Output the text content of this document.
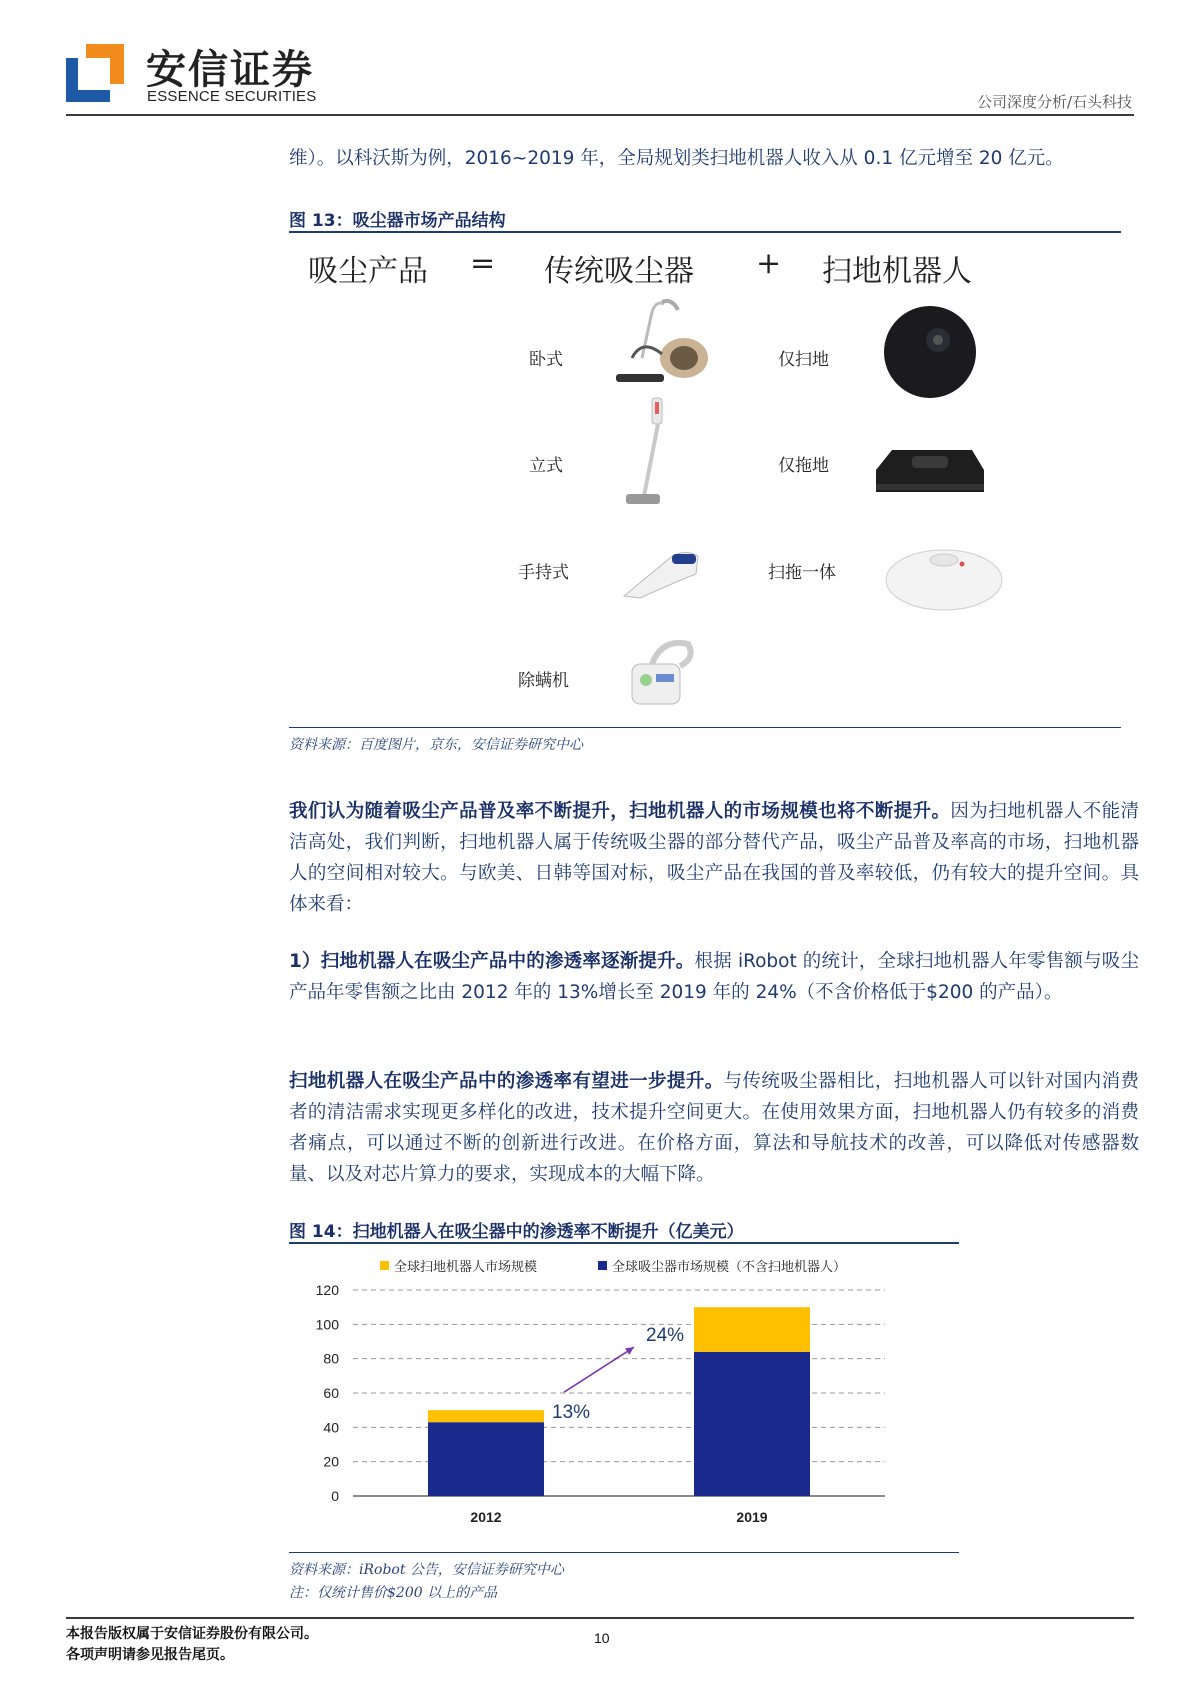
安信证券
ESSENCE SECURITIES	公司深度分析/石头科技

维）。以科沃斯为例，2016~2019 年，全局规划类扫地机器人收入从 0.1 亿元增至 20 亿元。

图 13：吸尘器市场产品结构
吸尘产品 = 传统吸尘器 + 扫地机器人
卧式
立式
手持式
除螨机
仅扫地
仅拖地
扫拖一体
资料来源：百度图片，京东，安信证券研究中心

我们认为随着吸尘产品普及率不断提升，扫地机器人的市场规模也将不断提升。因为扫地机器人不能清洁高处，我们判断，扫地机器人属于传统吸尘器的部分替代产品，吸尘产品普及率高的市场，扫地机器人的空间相对较大。与欧美、日韩等国对标，吸尘产品在我国的普及率较低，仍有较大的提升空间。具体来看：

1）扫地机器人在吸尘产品中的渗透率逐渐提升。根据 iRobot 的统计，全球扫地机器人年零售额与吸尘产品年零售额之比由 2012 年的 13%增长至 2019 年的 24%（不含价格低于$200 的产品）。

扫地机器人在吸尘产品中的渗透率有望进一步提升。与传统吸尘器相比，扫地机器人可以针对国内消费者的清洁需求实现更多样化的改进，技术提升空间更大。在使用效果方面，扫地机器人仍有较多的消费者痛点，可以通过不断的创新进行改进。在价格方面，算法和导航技术的改善，可以降低对传感器数量、以及对芯片算力的要求，实现成本的大幅下降。

图 14：扫地机器人在吸尘器中的渗透率不断提升（亿美元）
全球扫地机器人市场规模	全球吸尘器市场规模（不含扫地机器人）
0
20
40
60
80
100
120
2012	2019
13%
24%
资料来源：iRobot 公告，安信证券研究中心
注：仅统计售价$200 以上的产品
本报告版权属于安信证券股份有限公司。
各项声明请参见报告尾页。
10
